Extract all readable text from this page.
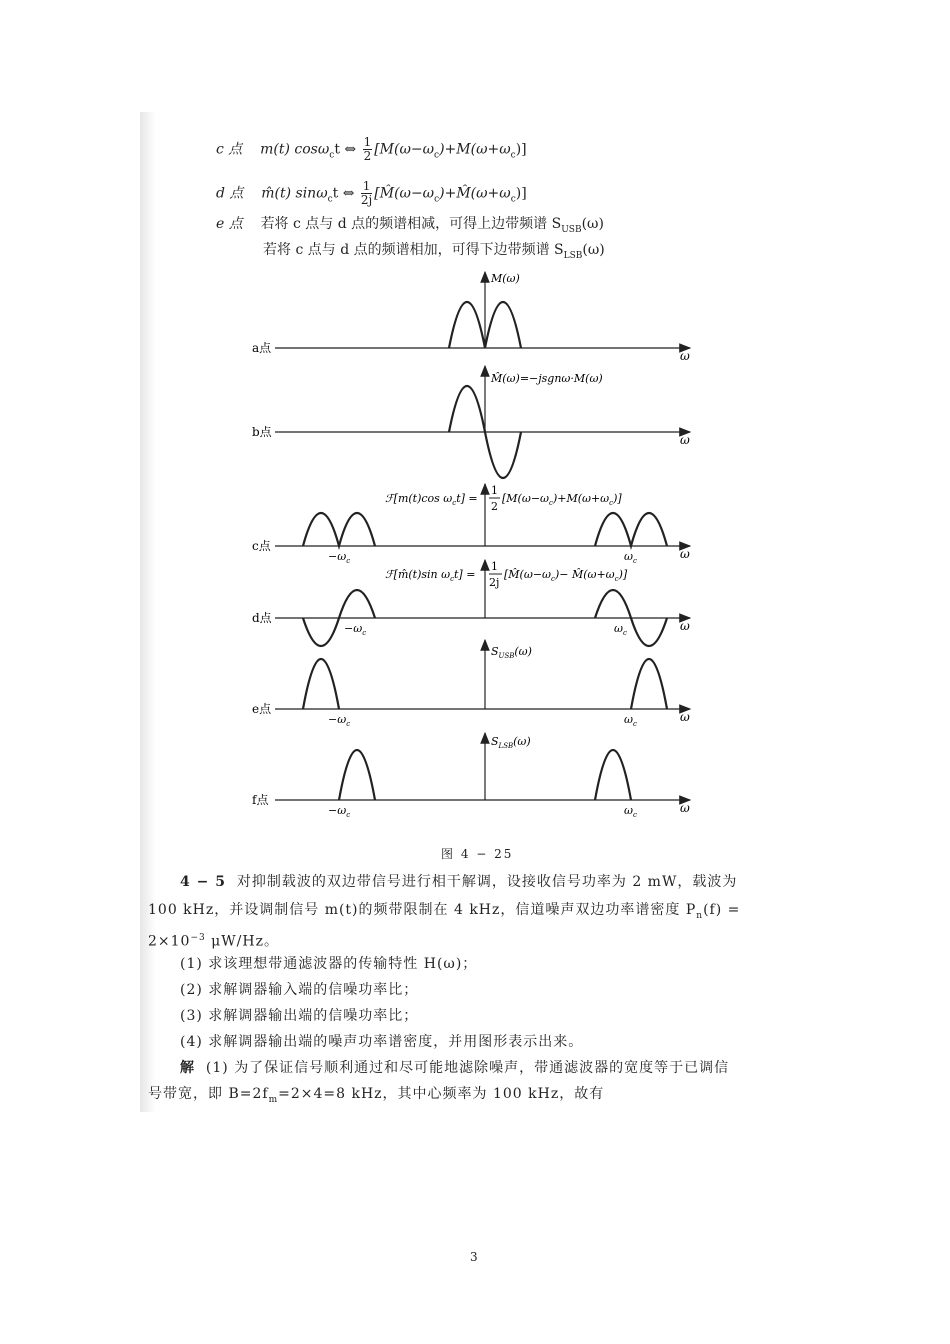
c 点 m(t) cosω$_c$t ⇔ $\frac{1}{2} [M(\omega-\omega_c)+M(\omega+\omega_c)]$
d 点 m̂(t) sinω$_c$t ⇔ $\frac{1}{2j}$ $[M̂(\omega-\omega_c)+M̂(\omega+\omega_c)]$
e 点 若将 c 点与 d 点的频谱相减，可得上边带频谱 $S_{USB}(\omega)$
若将 c 点与 d 点的频谱相加，可得下边带频谱 $S_{LSB}(\omega)$
a点
M(ω)
ω
b点
M̂(ω)=−jsgnω·M(ω)
ω
c点
ℱ[m(t)cos $\omega_ct$] =
1
2
$[M(\omega-\omega_c)+M(\omega+\omega_c)]$
$-\omega_c$	$\omega_c$	ω
d点
ℱ[m̂(t)sin $\omega_ct$] =
1
2j
[$M̂(\omega-\omega_c)-$ $M̂(\omega+\omega_c)$]
$-\omega_c$	$\omega_c$	ω
e点
$S_{USB}(\omega)$
$-\omega_c$	$\omega_c$	ω
f点
$S_{LSB}(\omega)$
$-\omega_c$	$\omega_c$	ω
图 4 − 25
4 − 5 对抑制载波的双边带信号进行相干解调，设接收信号功率为 2 mW，载波为
100 kHz，并设调制信号 m(t)的频带限制在 4 kHz，信道噪声双边功率谱密度 $P_n(f)$ =
$2\times 10^{-3}$ μW/Hz。
(1) 求该理想带通滤波器的传输特性 H(ω)；
(2) 求解调器输入端的信噪功率比；
(3) 求解调器输出端的信噪功率比；
(4) 求解调器输出端的噪声功率谱密度，并用图形表示出来。
解 (1) 为了保证信号顺利通过和尽可能地滤除噪声，带通滤波器的宽度等于已调信
号带宽，即 $B=2f_m=2\times 4=8$ kHz，其中心频率为 100 kHz，故有
3
